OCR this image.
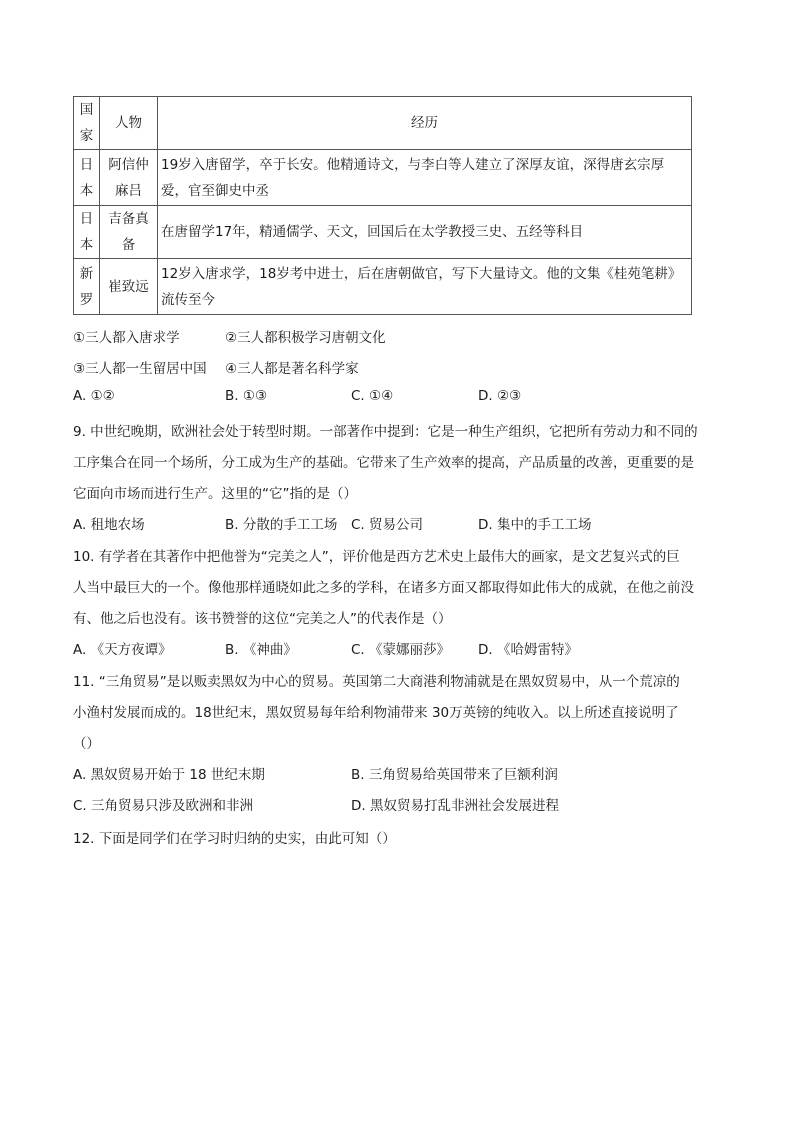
国家	人物	经历
日本	阿信仲麻吕	19岁入唐留学，卒于长安。他精通诗文，与李白等人建立了深厚友谊，深得唐玄宗厚爱，官至御史中丞
日本	吉备真备	在唐留学17年，精通儒学、天文，回国后在太学教授三史、五经等科目
新罗	崔致远	12岁入唐求学，18岁考中进士，后在唐朝做官，写下大量诗文。他的文集《桂苑笔耕》流传至今
①三人都入唐求学	②三人都积极学习唐朝文化
③三人都一生留居中国 ④三人都是著名科学家
A. ①②	B. ①③	C. ①④	D. ②③
9. 中世纪晚期，欧洲社会处于转型时期。一部著作中提到：它是一种生产组织，它把所有劳动力和不同的
工序集合在同一个场所，分工成为生产的基础。它带来了生产效率的提高，产品质量的改善，更重要的是
它面向市场而进行生产。这里的“它”指的是（）
A. 租地农场	B. 分散的手工工场 C. 贸易公司	D. 集中的手工工场
10. 有学者在其著作中把他誉为“完美之人”，评价他是西方艺术史上最伟大的画家，是文艺复兴式的巨
人当中最巨大的一个。像他那样通晓如此之多的学科，在诸多方面又都取得如此伟大的成就，在他之前没
有、他之后也没有。该书赞誉的这位“完美之人”的代表作是（）
A. 《天方夜谭》	B. 《神曲》	C. 《蒙娜丽莎》 D. 《哈姆雷特》
11. “三角贸易”是以贩卖黑奴为中心的贸易。英国第二大商港利物浦就是在黑奴贸易中，从一个荒凉的
小渔村发展而成的。18世纪末，黑奴贸易每年给利物浦带来 30万英镑的纯收入。以上所述直接说明了
（）
A. 黑奴贸易开始于 18 世纪末期	B. 三角贸易给英国带来了巨额利润
C. 三角贸易只涉及欧洲和非洲	D. 黑奴贸易打乱非洲社会发展进程
12. 下面是同学们在学习时归纳的史实，由此可知（）
